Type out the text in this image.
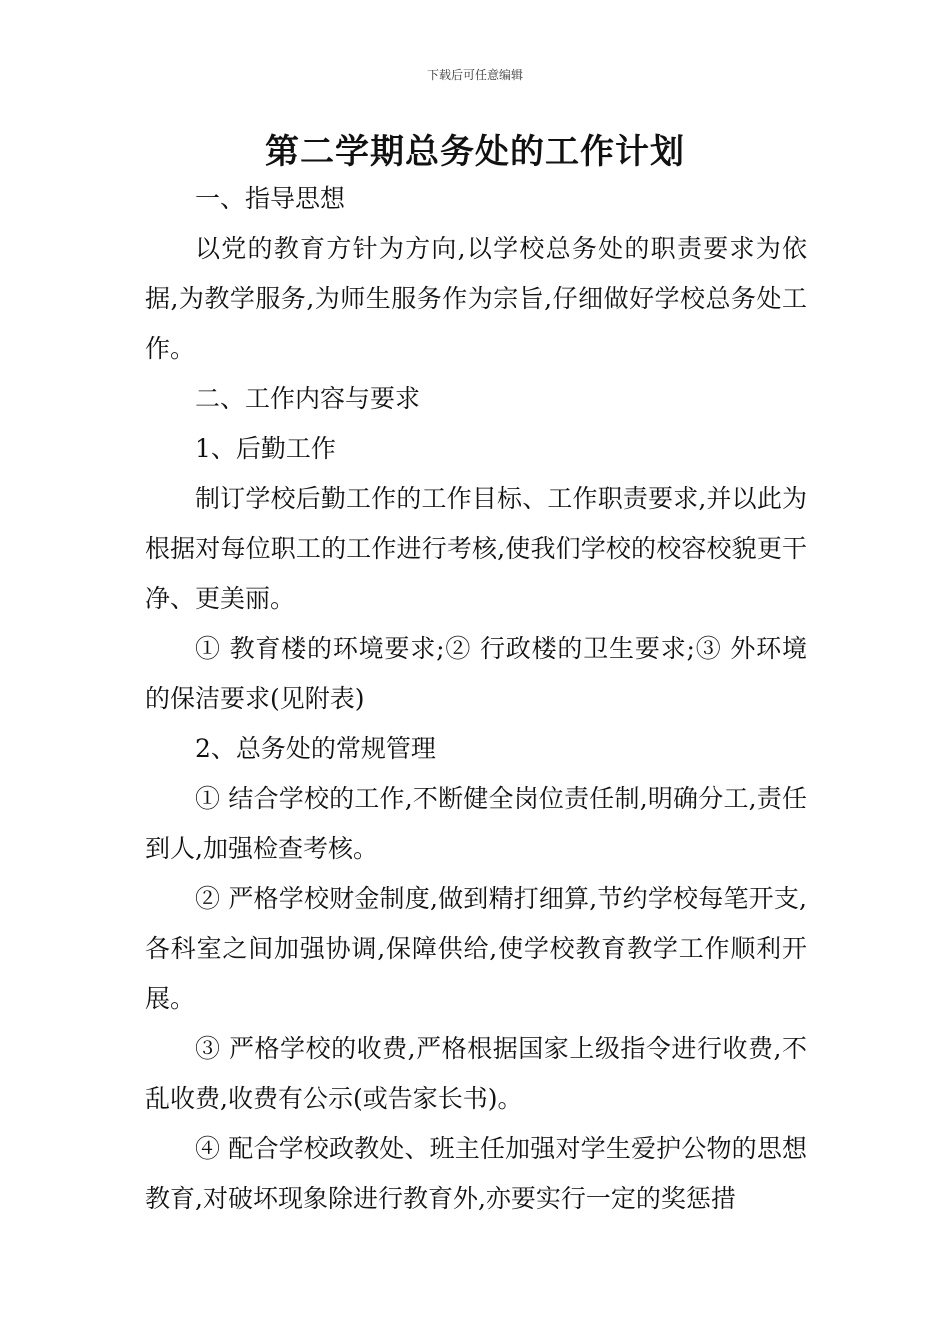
下载后可任意编辑
第二学期总务处的工作计划

一、指导思想

以党的教育方针为方向,以学校总务处的职责要求为依据,为教学服务,为师生服务作为宗旨,仔细做好学校总务处工作。

二、工作内容与要求

1、后勤工作

制订学校后勤工作的工作目标、工作职责要求,并以此为根据对每位职工的工作进行考核,使我们学校的校容校貌更干净、更美丽。

① 教育楼的环境要求;② 行政楼的卫生要求;③ 外环境的保洁要求(见附表)

2、总务处的常规管理

① 结合学校的工作,不断健全岗位责任制,明确分工,责任到人,加强检查考核。

② 严格学校财金制度,做到精打细算,节约学校每笔开支,各科室之间加强协调,保障供给,使学校教育教学工作顺利开展。

③ 严格学校的收费,严格根据国家上级指令进行收费,不乱收费,收费有公示(或告家长书)。

④ 配合学校政教处、班主任加强对学生爱护公物的思想教育,对破坏现象除进行教育外,亦要实行一定的奖惩措
